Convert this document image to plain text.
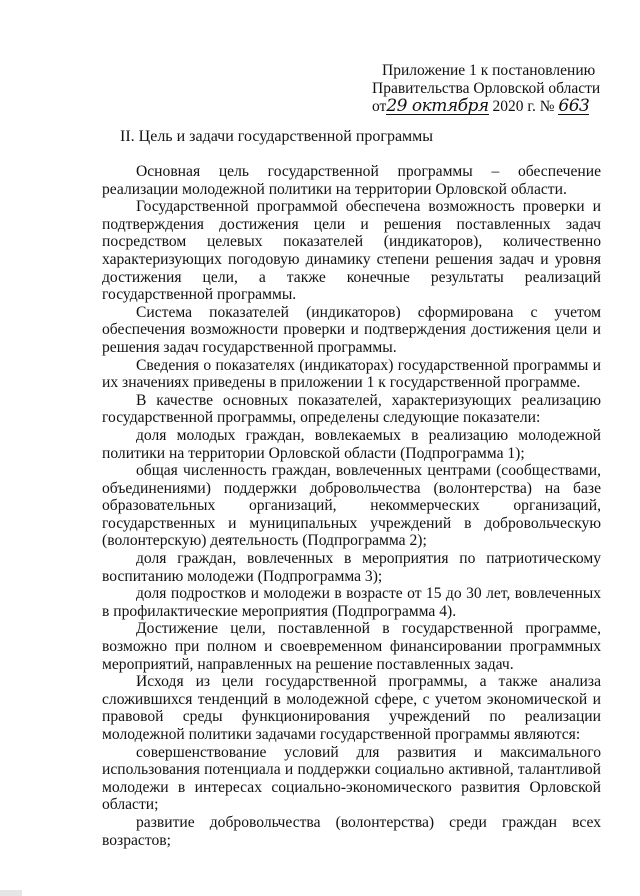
Приложение 1 к постановлению
Правительства Орловской области
от29 октября 2020 г. № 663
II. Цель и задачи государственной программы

Основная цель государственной программы – обеспечение реализации молодежной политики на территории Орловской области.

Государственной программой обеспечена возможность проверки и подтверждения достижения цели и решения поставленных задач посредством целевых показателей (индикаторов), количественно характеризующих погодовую динамику степени решения задач и уровня достижения цели, а также конечные результаты реализаций государственной программы.

Система показателей (индикаторов) сформирована с учетом обеспечения возможности проверки и подтверждения достижения цели и решения задач государственной программы.

Сведения о показателях (индикаторах) государственной программы и их значениях приведены в приложении 1 к государственной программе.

В качестве основных показателей, характеризующих реализацию государственной программы, определены следующие показатели:

доля молодых граждан, вовлекаемых в реализацию молодежной политики на территории Орловской области (Подпрограмма 1);

общая численность граждан, вовлеченных центрами (сообществами, объединениями) поддержки добровольчества (волонтерства) на базе образовательных организаций, некоммерческих организаций, государственных и муниципальных учреждений в добровольческую (волонтерскую) деятельность (Подпрограмма 2);

доля граждан, вовлеченных в мероприятия по патриотическому воспитанию молодежи (Подпрограмма 3);

доля подростков и молодежи в возрасте от 15 до 30 лет, вовлеченных в профилактические мероприятия (Подпрограмма 4).

Достижение цели, поставленной в государственной программе, возможно при полном и своевременном финансировании программных мероприятий, направленных на решение поставленных задач.

Исходя из цели государственной программы, а также анализа сложившихся тенденций в молодежной сфере, с учетом экономической и правовой среды функционирования учреждений по реализации молодежной политики задачами государственной программы являются:

совершенствование условий для развития и максимального использования потенциала и поддержки социально активной, талантливой молодежи в интересах социально-экономического развития Орловской области;

развитие добровольчества (волонтерства) среди граждан всех возрастов;
